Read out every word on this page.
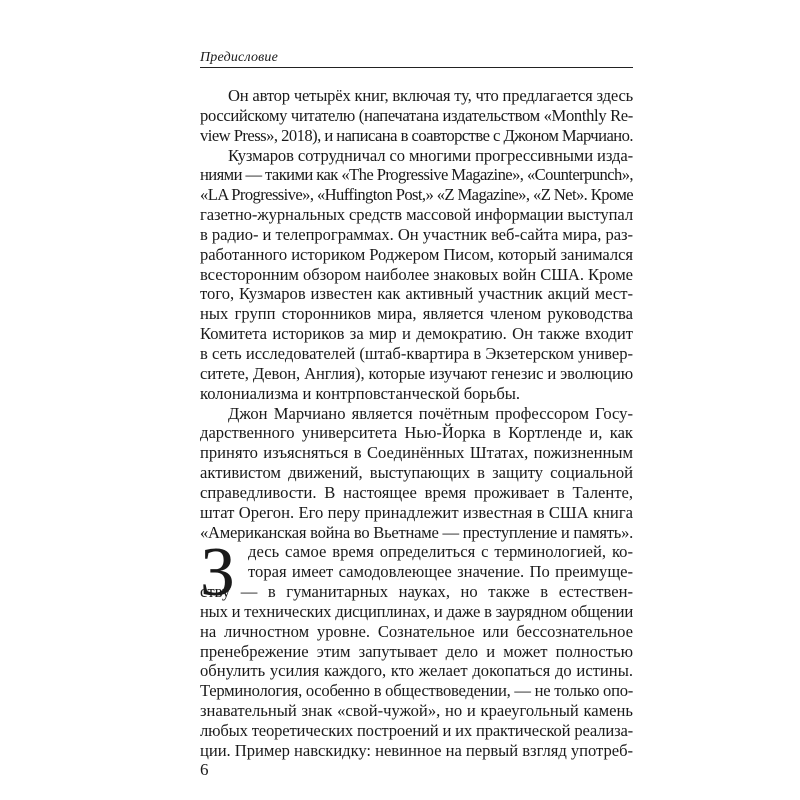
Предисловие
Он автор четырёх книг, включая ту, что предлагается здесь
российскому читателю (напечатана издательством «Monthly Re-
view Press», 2018), и написана в соавторстве с Джоном Марчиано.
Кузмаров сотрудничал со многими прогрессивными изда-
ниями — такими как «The Progressive Magazine», «Counterpunch»,
«LA Progressive», «Huffington Post,» «Z Magazine», «Z Net». Кроме
газетно-журнальных средств массовой информации выступал
в радио- и телепрограммах. Он участник веб-сайта мира, раз-
работанного историком Роджером Писом, который занимался
всесторонним обзором наиболее знаковых войн США. Кроме
того, Кузмаров известен как активный участник акций мест-
ных групп сторонников мира, является членом руководства
Комитета историков за мир и демократию. Он также входит
в сеть исследователей (штаб-квартира в Экзетерском универ-
ситете, Девон, Англия), которые изучают генезис и эволюцию
колониализма и контрповстанческой борьбы.
Джон Марчиано является почётным профессором Госу-
дарственного университета Нью-Йорка в Кортленде и, как
принято изъясняться в Соединённых Штатах, пожизненным
активистом движений, выступающих в защиту социальной
справедливости. В настоящее время проживает в Таленте,
штат Орегон. Его перу принадлежит известная в США книга
«Американская война во Вьетнаме — преступление и память».
З десь самое время определиться с терминологией, ко-
торая имеет самодовлеющее значение. По преимуще-
ству — в гуманитарных науках, но также в естествен-
ных и технических дисциплинах, и даже в заурядном общении
на личностном уровне. Сознательное или бессознательное
пренебрежение этим запутывает дело и может полностью
обнулить усилия каждого, кто желает докопаться до истины.
Терминология, особенно в обществоведении, — не только опо-
знавательный знак «свой-чужой», но и краеугольный камень
любых теоретических построений и их практической реализа-
ции. Пример навскидку: невинное на первый взгляд употреб-
6
